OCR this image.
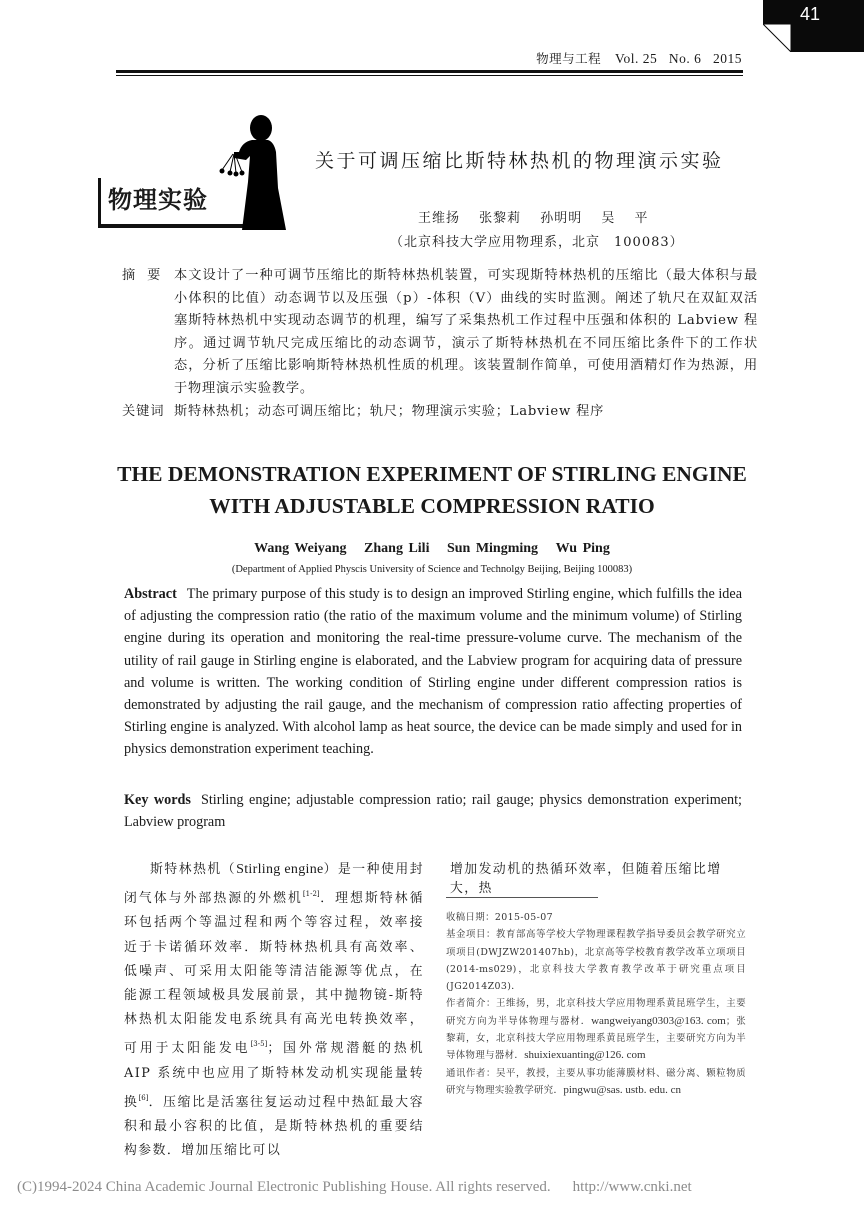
41
物理与工程 Vol. 25 No. 6 2015
物理实验
关于可调压缩比斯特林热机的物理演示实验
王维扬 张黎莉 孙明明 吴 平
（北京科技大学应用物理系，北京　100083）
摘要 本文设计了一种可调节压缩比的斯特林热机装置，可实现斯特林热机的压缩比（最大体积与最小体积的比值）动态调节以及压强（p）-体积（V）曲线的实时监测。阐述了轨尺在双缸双活塞斯特林热机中实现动态调节的机理，编写了采集热机工作过程中压强和体积的 Labview 程序。通过调节轨尺完成压缩比的动态调节，演示了斯特林热机在不同压缩比条件下的工作状态，分析了压缩比影响斯特林热机性质的机理。该装置制作简单，可使用酒精灯作为热源，用于物理演示实验教学。
关键词 斯特林热机；动态可调压缩比；轨尺；物理演示实验；Labview 程序
THE DEMONSTRATION EXPERIMENT OF STIRLING ENGINE
WITH ADJUSTABLE COMPRESSION RATIO
Wang Weiyang Zhang Lili Sun Mingming Wu Ping
(Department of Applied Physcis University of Science and Technolgy Beijing, Beijing 100083)
Abstract The primary purpose of this study is to design an improved Stirling engine, which fulfills the idea of adjusting the compression ratio (the ratio of the maximum volume and the minimum volume) of Stirling engine during its operation and monitoring the real-time pressure-volume curve. The mechanism of the utility of rail gauge in Stirling engine is elaborated, and the Labview program for acquiring data of pressure and volume is written. The working condition of Stirling engine under different compression ratios is demonstrated by adjusting the rail gauge, and the mechanism of compression ratio affecting properties of Stirling engine is analyzed. With alcohol lamp as heat source, the device can be made simply and used for in physics demonstration experiment teaching.
Key words Stirling engine; adjustable compression ratio; rail gauge; physics demonstration experiment; Labview program
斯特林热机（Stirling engine）是一种使用封闭气体与外部热源的外燃机[1-2]．理想斯特林循环包括两个等温过程和两个等容过程，效率接近于卡诺循环效率．斯特林热机具有高效率、低噪声、可采用太阳能等清洁能源等优点，在能源工程领域极具发展前景，其中抛物镜-斯特林热机太阳能发电系统具有高光电转换效率，可用于太阳能发电[3-5]；国外常规潜艇的热机 AIP 系统中也应用了斯特林发动机实现能量转换[6]．压缩比是活塞往复运动过程中热缸最大容积和最小容积的比值，是斯特林热机的重要结构参数．增加压缩比可以
增加发动机的热循环效率，但随着压缩比增大，热
收稿日期：2015-05-07
基金项目：教育部高等学校大学物理课程教学指导委员会教学研究立项项目(DWJZW201407hb)，北京高等学校教育教学改革立项项目(2014-ms029)，北京科技大学教育教学改革于研究重点项目(JG2014Z03)．
作者简介：王维扬，男，北京科技大学应用物理系黄昆班学生，主要研究方向为半导体物理与器材．wangweiyang0303@163. com；张黎莉，女，北京科技大学应用物理系黄昆班学生，主要研究方向为半导体物理与器材．shuixiexuanting@126. com
通讯作者：吴平，教授，主要从事功能薄膜材料、磁分离、颗粒物质研究与物理实验教学研究．pingwu@sas. ustb. edu. cn
(C)1994-2024 China Academic Journal Electronic Publishing House. All rights reserved. http://www.cnki.net
